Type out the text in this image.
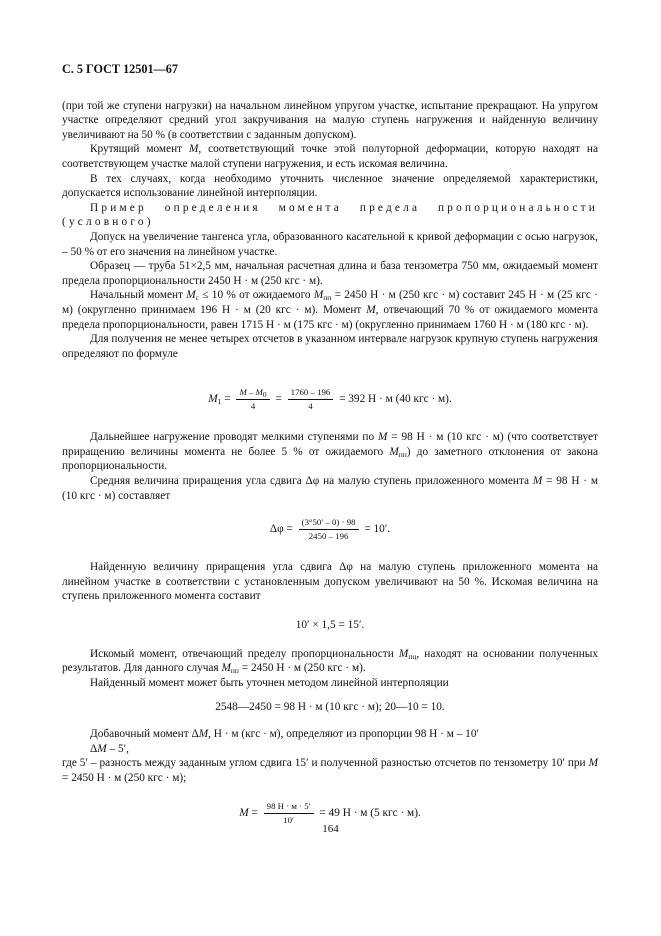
С. 5 ГОСТ 12501—67

(при той же ступени нагрузки) на начальном линейном упругом участке, испытание прекращают. На упругом участке определяют средний угол закручивания на малую ступень нагружения и найденную величину увеличивают на 50 % (в соответствии с заданным допуском).

Крутящий момент M, соответствующий точке этой полуторной деформации, которую находят на соответствующем участке малой ступени нагружения, и есть искомая величина.

В тех случаях, когда необходимо уточнить численное значение определяемой характеристики, допускается использование линейной интерполяции.

Пример определения момента предела пропорциональности (условного)

Допуск на увеличение тангенса угла, образованного касательной к кривой деформации с осью нагрузок, – 50 % от его значения на линейном участке.

Образец — труба 51×2,5 мм, начальная расчетная длина и база тензометра 750 мм, ожидаемый момент предела пропорциональности 2450 Н · м (250 кгс · м).

Начальный момент $M_с \le 10$ % от ожидаемого $M_{пп} = 2450$ Н · м (250 кгс · м) составит 245 Н · м (25 кгс · м) (округленно принимаем 196 Н · м (20 кгс · м). Момент M, отвечающий 70 % от ожидаемого момента предела пропорциональности, равен 1715 Н · м (175 кгс · м) (округленно принимаем 1760 Н · м (180 кгс · м).

Для получения не менее четырех отсчетов в указанном интервале нагрузок крупную ступень нагружения определяют по формуле

$M_1 = \frac{M - M_0}{4} = \frac{1760 - 196}{4} = 392$ Н · м (40 кгс · м).

Дальнейшее нагружение проводят мелкими ступенями по M = 98 Н · м (10 кгс · м) (что соответствует приращению величины момента не более 5 % от ожидаемого $M_{пп}$) до заметного отклонения от закона пропорциональности.

Средняя величина приращения угла сдвига Δφ на малую ступень приложенного момента M = 98 Н · м (10 кгс · м) составляет

$\Delta\varphi = \frac{(3^\circ 50' - 0) \cdot 98}{2450 - 196} = 10'$.

Найденную величину приращения угла сдвига Δφ на малую ступень приложенного момента на линейном участке в соответствии с установленным допуском увеличивают на 50 %. Искомая величина на ступень приложенного момента составит

10′ × 1,5 = 15′.

Искомый момент, отвечающий пределу пропорциональности $M_{пц}$, находят на основании полученных результатов. Для данного случая $M_{пп} = 2450$ Н · м (250 кгс · м).

Найденный момент может быть уточнен методом линейной интерполяции

2548—2450 = 98 Н · м (10 кгс · м); 20—10 = 10.

Добавочный момент ΔM, Н · м (кгс · м), определяют из пропорции 98 Н · м – 10′

ΔM – 5′,

где 5′ – разность между заданным углом сдвига 15′ и полученной разностью отсчетов по тензометру 10′ при M = 2450 Н · м (250 кгс · м);

$M = \frac{98 Н \cdot м \cdot 5'}{10'} = 49$ Н · м (5 кгс · м).
164
